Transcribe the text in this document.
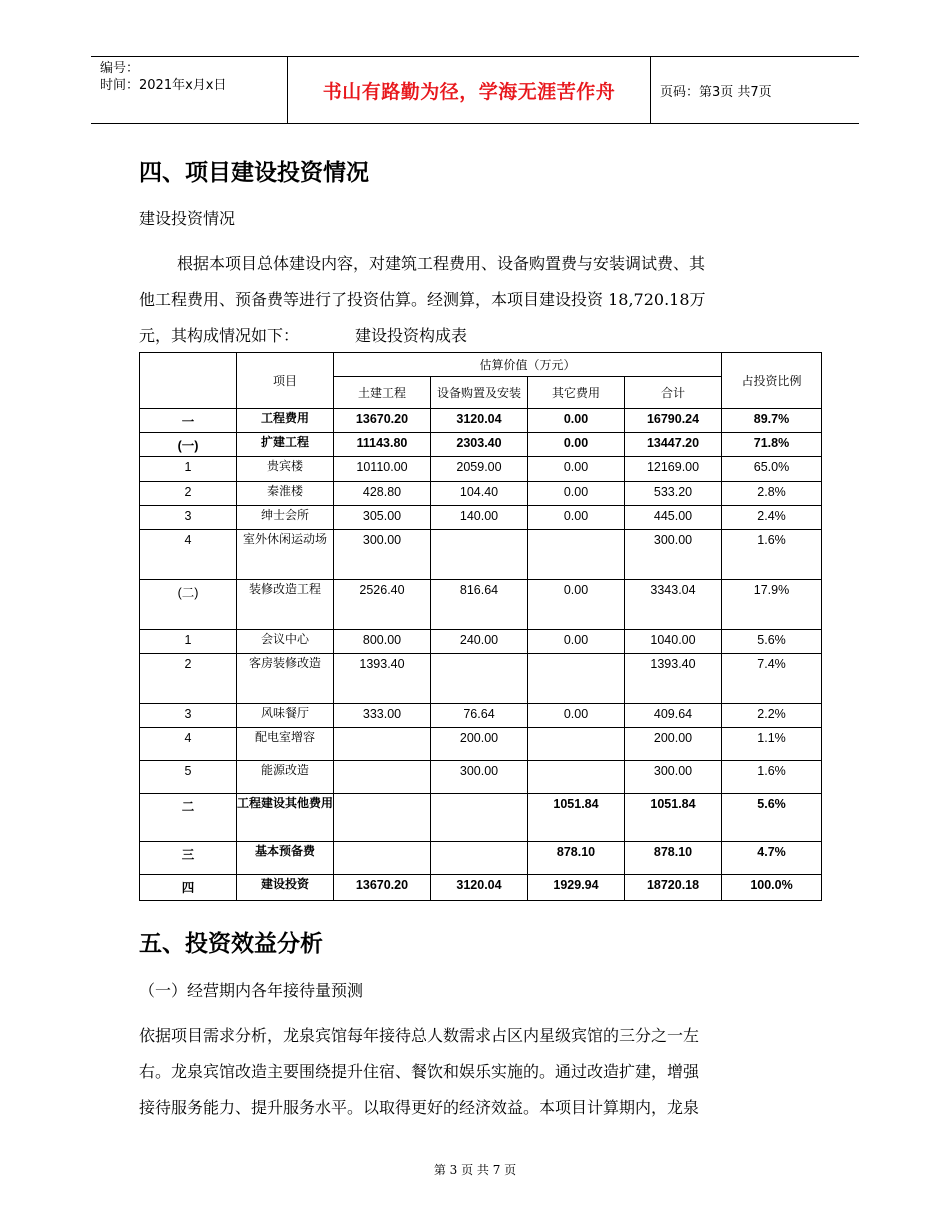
编号：
时间：2021年x月x日	书山有路勤为径，学海无涯苦作舟	页码：第3页 共7页
四、项目建设投资情况
建设投资情况
根据本项目总体建设内容，对建筑工程费用、设备购置费与安装调试费、其
他工程费用、预备费等进行了投资估算。经测算，本项目建设投资 18,720.18万
元，其构成情况如下：	建设投资构成表
	项目	估算价值（万元）				占投资比例
		土建工程	设备购置及安装	其它费用	合计	

一	工程费用	13670.20	3120.04	0.00	16790.24	89.7%

(一)	扩建工程	11143.80	2303.40	0.00	13447.20	71.8%

1	贵宾楼	10110.00	2059.00	0.00	12169.00	65.0%

2	秦淮楼	428.80	104.40	0.00	533.20	2.8%

3	绅士会所	305.00	140.00	0.00	445.00	2.4%

4	室外休闲运动场	300.00			300.00	1.6%

(二)	装修改造工程	2526.40	816.64	0.00	3343.04	17.9%

1	会议中心	800.00	240.00	0.00	1040.00	5.6%

2	客房装修改造	1393.40			1393.40	7.4%

3	风味餐厅	333.00	76.64	0.00	409.64	2.2%

4	配电室增容		200.00		200.00	1.1%

5	能源改造		300.00		300.00	1.6%

二	工程建设其他费用			1051.84	1051.84	5.6%

三	基本预备费			878.10	878.10	4.7%

四	建设投资	13670.20	3120.04	1929.94	18720.18	100.0%
五、投资效益分析
（一）经营期内各年接待量预测
依据项目需求分析，龙泉宾馆每年接待总人数需求占区内星级宾馆的三分之一左
右。龙泉宾馆改造主要围绕提升住宿、餐饮和娱乐实施的。通过改造扩建，增强
接待服务能力、提升服务水平。以取得更好的经济效益。本项目计算期内，龙泉
第 3 页 共 7 页
